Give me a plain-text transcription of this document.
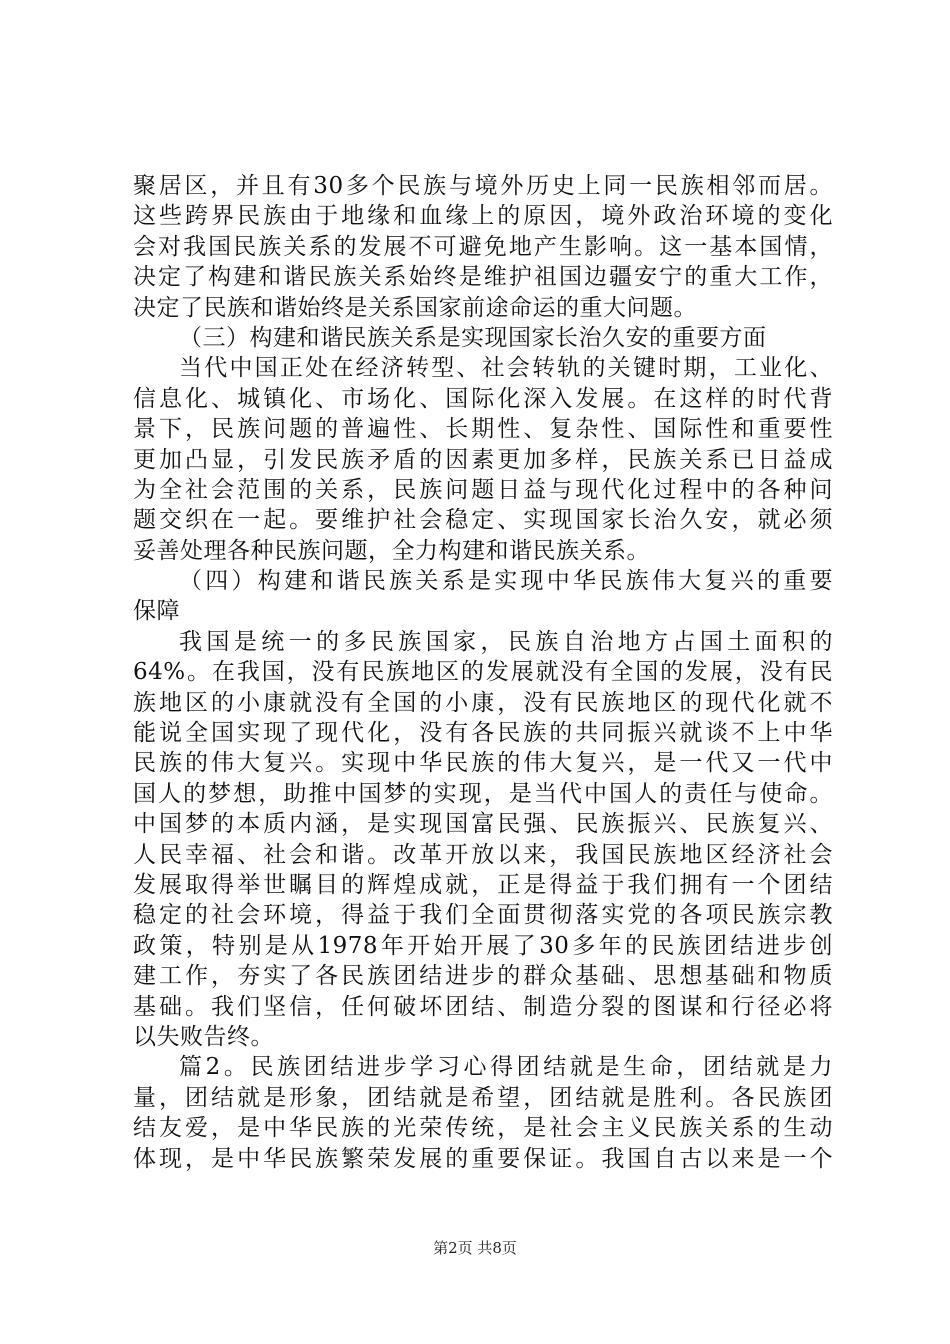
聚居区，并且有30多个民族与境外历史上同一民族相邻而居。
这些跨界民族由于地缘和血缘上的原因，境外政治环境的变化
会对我国民族关系的发展不可避免地产生影响。这一基本国情，
决定了构建和谐民族关系始终是维护祖国边疆安宁的重大工作，
决定了民族和谐始终是关系国家前途命运的重大问题。
（三）构建和谐民族关系是实现国家长治久安的重要方面
当代中国正处在经济转型、社会转轨的关键时期，工业化、
信息化、城镇化、市场化、国际化深入发展。在这样的时代背
景下，民族问题的普遍性、长期性、复杂性、国际性和重要性
更加凸显，引发民族矛盾的因素更加多样，民族关系已日益成
为全社会范围的关系，民族问题日益与现代化过程中的各种问
题交织在一起。要维护社会稳定、实现国家长治久安，就必须
妥善处理各种民族问题，全力构建和谐民族关系。
（四）构建和谐民族关系是实现中华民族伟大复兴的重要
保障
我国是统一的多民族国家，民族自治地方占国土面积的
64%。在我国，没有民族地区的发展就没有全国的发展，没有民
族地区的小康就没有全国的小康，没有民族地区的现代化就不
能说全国实现了现代化，没有各民族的共同振兴就谈不上中华
民族的伟大复兴。实现中华民族的伟大复兴，是一代又一代中
国人的梦想，助推中国梦的实现，是当代中国人的责任与使命。
中国梦的本质内涵，是实现国富民强、民族振兴、民族复兴、
人民幸福、社会和谐。改革开放以来，我国民族地区经济社会
发展取得举世瞩目的辉煌成就，正是得益于我们拥有一个团结
稳定的社会环境，得益于我们全面贯彻落实党的各项民族宗教
政策，特别是从1978年开始开展了30多年的民族团结进步创
建工作，夯实了各民族团结进步的群众基础、思想基础和物质
基础。我们坚信，任何破坏团结、制造分裂的图谋和行径必将
以失败告终。
篇2。民族团结进步学习心得团结就是生命，团结就是力
量，团结就是形象，团结就是希望，团结就是胜利。各民族团
结友爱，是中华民族的光荣传统，是社会主义民族关系的生动
体现，是中华民族繁荣发展的重要保证。我国自古以来是一个
第2页 共8页
